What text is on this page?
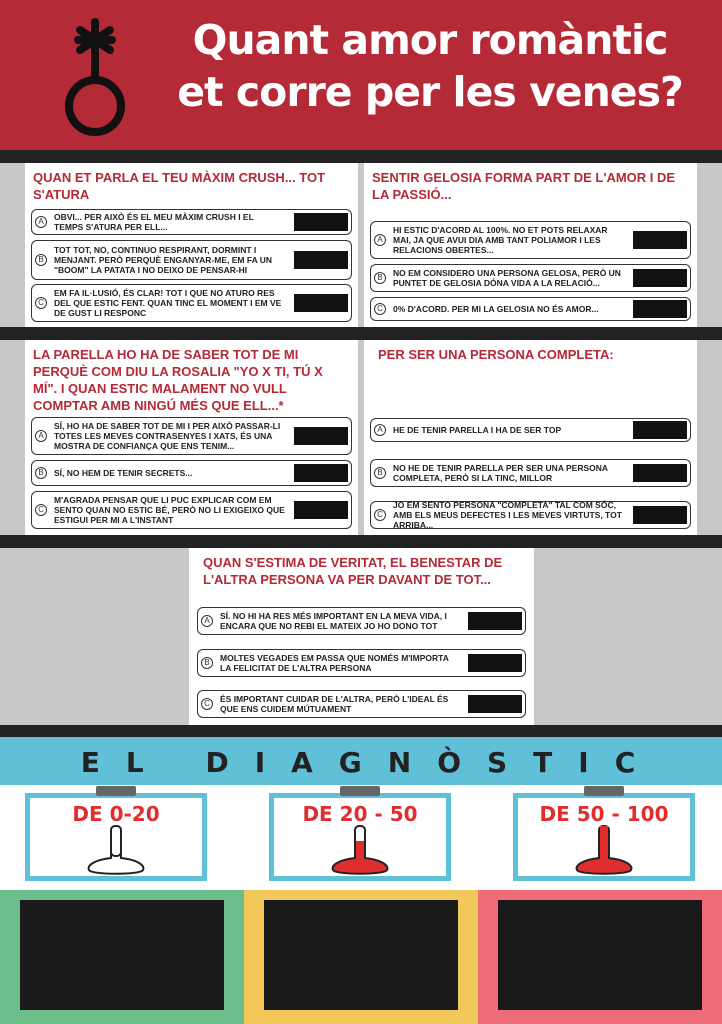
Quant amor romàntic
et corre per les venes?
QUAN ET PARLA EL TEU MÀXIM CRUSH... TOT S'ATURA
A	OBVI... PER AIXÒ ÉS EL MEU MÀXIM CRUSH I EL TEMPS S'ATURA PER ELL...
B
TOT TOT, NO, CONTINUO RESPIRANT, DORMINT I MENJANT. PERÒ PERQUÈ ENGANYAR-ME, EM FA UN "BOOM" LA PATATA I NO DEIXO DE PENSAR-HI
C
EM FA IL·LUSIÓ, ÉS CLAR! TOT I QUE NO ATURO RES DEL QUE ESTIC FENT. QUAN TINC EL MOMENT I EM VE DE GUST LI RESPONC
SENTIR GELOSIA FORMA PART DE L'AMOR I DE LA PASSIÓ...
A
HI ESTIC D'ACORD AL 100%. NO ET POTS RELAXAR MAI, JA QUE AVUI DIA AMB TANT POLIAMOR I LES RELACIONS OBERTES...
B	NO EM CONSIDERO UNA PERSONA GELOSA, PERÒ UN PUNTET DE GELOSIA DÓNA VIDA A LA RELACIÓ...
C	0% D'ACORD. PER MI LA GELOSIA NO ÉS AMOR...
LA PARELLA HO HA DE SABER TOT DE MI PERQUÈ COM DIU LA ROSALIA "YO X TI, TÚ X MÍ". I QUAN ESTIC MALAMENT NO VULL COMPTAR AMB NINGÚ MÉS QUE ELL...*
A
SÍ, HO HA DE SABER TOT DE MI I PER AIXÒ PASSAR-LI TOTES LES MEVES CONTRASENYES I XATS, ÉS UNA MOSTRA DE CONFIANÇA QUE ENS TENIM...
B	SÍ, NO HEM DE TENIR SECRETS...
C
M'AGRADA PENSAR QUE LI PUC EXPLICAR COM EM SENTO QUAN NO ESTIC BÉ, PERÒ NO LI EXIGEIXO QUE ESTIGUI PER MI A L'INSTANT
PER SER UNA PERSONA COMPLETA:
A	HE DE TENIR PARELLA I HA DE SER TOP
B	NO HE DE TENIR PARELLA PER SER UNA PERSONA COMPLETA, PERÒ SI LA TINC, MILLOR
C
JO EM SENTO PERSONA "COMPLETA" TAL COM SÓC, AMB ELS MEUS DEFECTES I LES MEVES VIRTUTS, TOT ARRIBA...
QUAN S'ESTIMA DE VERITAT, EL BENESTAR DE L'ALTRA PERSONA VA PER DAVANT DE TOT...
A	SÍ. NO HI HA RES MÉS IMPORTANT EN LA MEVA VIDA, I ENCARA QUE NO REBI EL MATEIX JO HO DONO TOT
B	MOLTES VEGADES EM PASSA QUE NOMÉS M'IMPORTA LA FELICITAT DE L'ALTRA PERSONA
C	ÉS IMPORTANT CUIDAR DE L'ALTRA, PERÒ L'IDEAL ÉS QUE ENS CUIDEM MÚTUAMENT
EL DIAGNÒSTIC
DE 0-20	DE 20 - 50	DE 50 - 100
